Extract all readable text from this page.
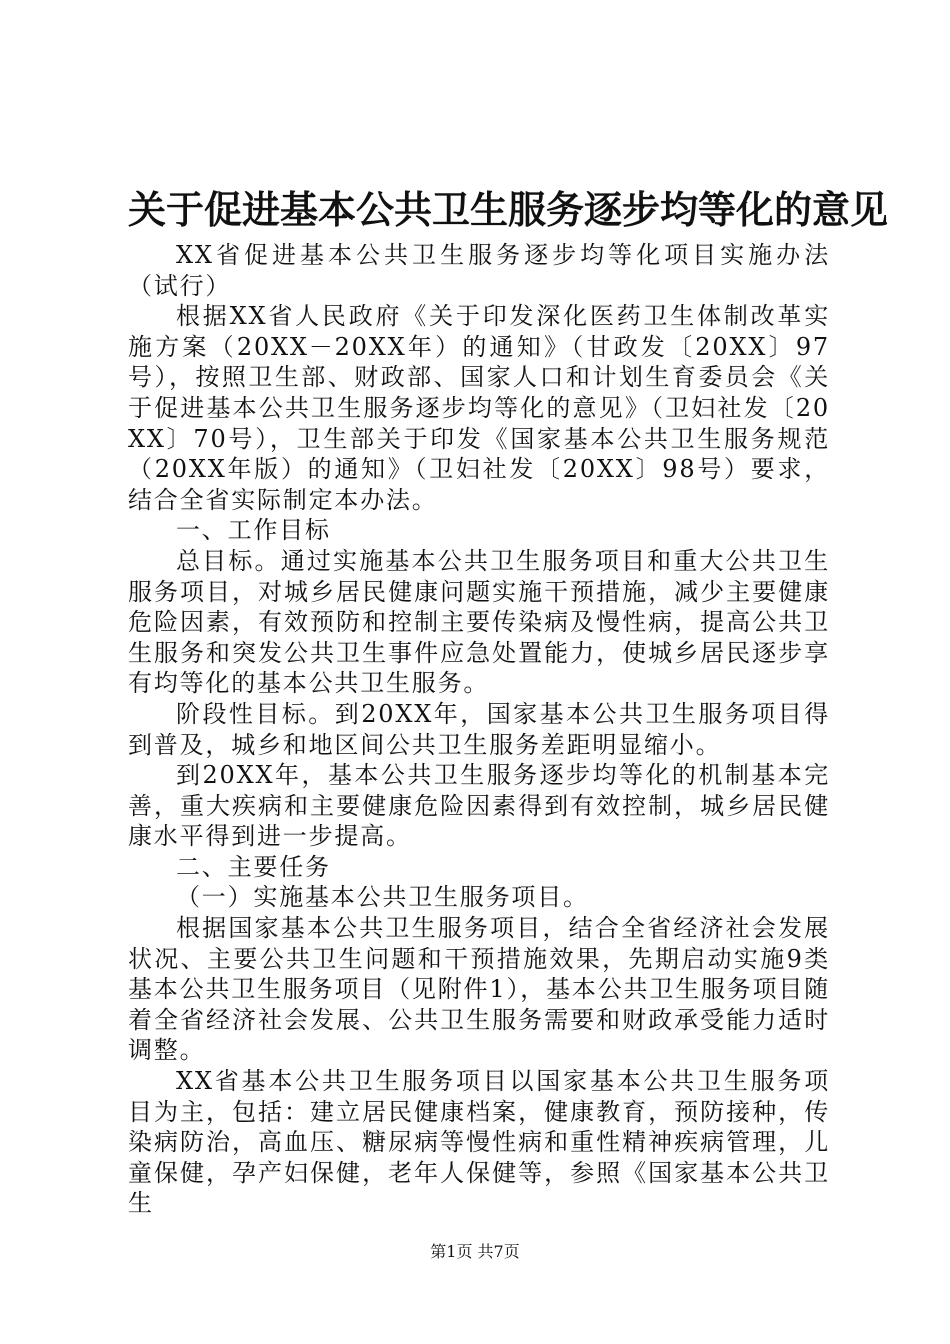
关于促进基本公共卫生服务逐步均等化的意见

XX省促进基本公共卫生服务逐步均等化项目实施办法（试行）

根据XX省人民政府《关于印发深化医药卫生体制改革实施方案（20XX－20XX年）的通知》（甘政发〔20XX〕97号），按照卫生部、财政部、国家人口和计划生育委员会《关于促进基本公共卫生服务逐步均等化的意见》（卫妇社发〔20XX〕70号），卫生部关于印发《国家基本公共卫生服务规范（20XX年版）的通知》（卫妇社发〔20XX〕98号）要求，结合全省实际制定本办法。

一、工作目标

总目标。通过实施基本公共卫生服务项目和重大公共卫生服务项目，对城乡居民健康问题实施干预措施，减少主要健康危险因素，有效预防和控制主要传染病及慢性病，提高公共卫生服务和突发公共卫生事件应急处置能力，使城乡居民逐步享有均等化的基本公共卫生服务。

阶段性目标。到20XX年，国家基本公共卫生服务项目得到普及，城乡和地区间公共卫生服务差距明显缩小。

到20XX年，基本公共卫生服务逐步均等化的机制基本完善，重大疾病和主要健康危险因素得到有效控制，城乡居民健康水平得到进一步提高。

二、主要任务

（一）实施基本公共卫生服务项目。

根据国家基本公共卫生服务项目，结合全省经济社会发展状况、主要公共卫生问题和干预措施效果，先期启动实施9类基本公共卫生服务项目（见附件1），基本公共卫生服务项目随着全省经济社会发展、公共卫生服务需要和财政承受能力适时调整。

XX省基本公共卫生服务项目以国家基本公共卫生服务项目为主，包括：建立居民健康档案，健康教育，预防接种，传染病防治，高血压、糖尿病等慢性病和重性精神疾病管理，儿童保健，孕产妇保健，老年人保健等，参照《国家基本公共卫生

第1页 共7页
